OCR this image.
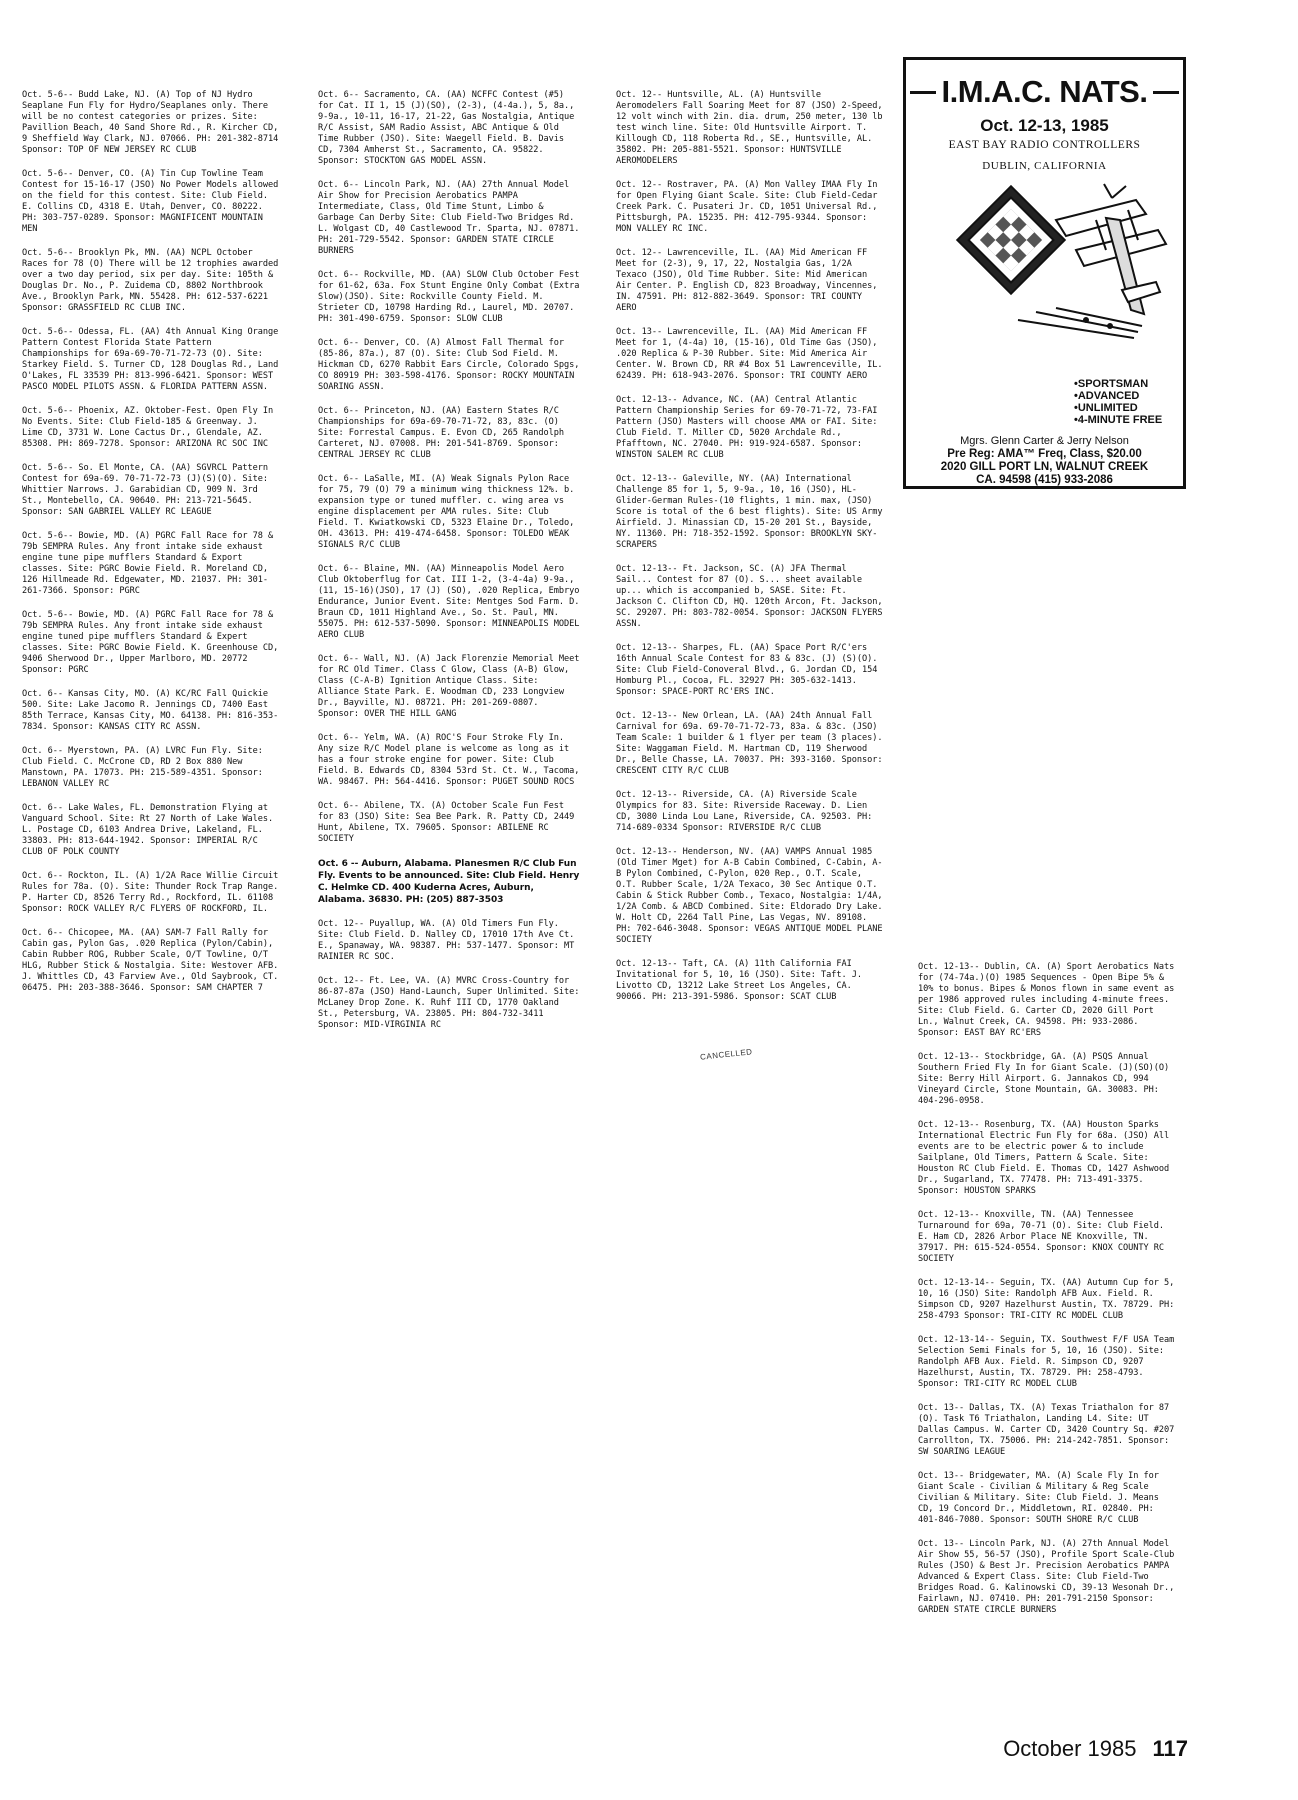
Oct. 5-6-- Budd Lake, NJ. (A) Top of NJ Hydro Seaplane Fun Fly for Hydro/Seaplanes only. There will be no contest categories or prizes. Site: Pavillion Beach, 40 Sand Shore Rd., R. Kircher CD, 9 Sheffield Way Clark, NJ. 07066. PH: 201-382-8714 Sponsor: TOP OF NEW JERSEY RC CLUB
Oct. 5-6-- Denver, CO. (A) Tin Cup Towline Team Contest for 15-16-17 (JSO) No Power Models allowed on the field for this contest. Site: Club Field. E. Collins CD, 4318 E. Utah, Denver, CO. 80222. PH: 303-757-0289. Sponsor: MAGNIFICENT MOUNTAIN MEN
Oct. 5-6-- Brooklyn Pk, MN. (AA) NCPL October Races for 78 (O) There will be 12 trophies awarded over a two day period, six per day. Site: 105th & Douglas Dr. No., P. Zuidema CD, 8802 Northbrook Ave., Brooklyn Park, MN. 55428. PH: 612-537-6221 Sponsor: GRASSFIELD RC CLUB INC.
Oct. 5-6-- Odessa, FL. (AA) 4th Annual King Orange Pattern Contest Florida State Pattern Championships for 69a-69-70-71-72-73 (O). Site: Starkey Field. S. Turner CD, 128 Douglas Rd., Land O'Lakes, FL 33539 PH: 813-996-6421. Sponsor: WEST PASCO MODEL PILOTS ASSN. & FLORIDA PATTERN ASSN.
Oct. 5-6-- Phoenix, AZ. Oktober-Fest. Open Fly In No Events. Site: Club Field-185 & Greenway. J. Lime CD, 3731 W. Lone Cactus Dr., Glendale, AZ. 85308. PH: 869-7278. Sponsor: ARIZONA RC SOC INC
Oct. 5-6-- So. El Monte, CA. (AA) SGVRCL Pattern Contest for 69a-69. 70-71-72-73 (J)(S)(O). Site: Whittier Narrows. J. Garabidian CD, 909 N. 3rd St., Montebello, CA. 90640. PH: 213-721-5645. Sponsor: SAN GABRIEL VALLEY RC LEAGUE
Oct. 5-6-- Bowie, MD. (A) PGRC Fall Race for 78 & 79b SEMPRA Rules. Any front intake side exhaust engine tune pipe mufflers Standard & Export classes. Site: PGRC Bowie Field. R. Moreland CD, 126 Hillmeade Rd. Edgewater, MD. 21037. PH: 301-261-7366. Sponsor: PGRC
Oct. 5-6-- Bowie, MD. (A) PGRC Fall Race for 78 & 79b SEMPRA Rules. Any front intake side exhaust engine tuned pipe mufflers Standard & Expert classes. Site: PGRC Bowie Field. K. Greenhouse CD, 9406 Sherwood Dr., Upper Marlboro, MD. 20772 Sponsor: PGRC
Oct. 6-- Kansas City, MO. (A) KC/RC Fall Quickie 500. Site: Lake Jacomo R. Jennings CD, 7400 East 85th Terrace, Kansas City, MO. 64138. PH: 816-353-7834. Sponsor: KANSAS CITY RC ASSN.
Oct. 6-- Myerstown, PA. (A) LVRC Fun Fly. Site: Club Field. C. McCrone CD, RD 2 Box 880 New Manstown, PA. 17073. PH: 215-589-4351. Sponsor: LEBANON VALLEY RC
Oct. 6-- Lake Wales, FL. Demonstration Flying at Vanguard School. Site: Rt 27 North of Lake Wales. L. Postage CD, 6103 Andrea Drive, Lakeland, FL. 33803. PH: 813-644-1942. Sponsor: IMPERIAL R/C CLUB OF POLK COUNTY
Oct. 6-- Rockton, IL. (A) 1/2A Race Willie Circuit Rules for 78a. (O). Site: Thunder Rock Trap Range. P. Harter CD, 8526 Terry Rd., Rockford, IL. 61108 Sponsor: ROCK VALLEY R/C FLYERS OF ROCKFORD, IL.
Oct. 6-- Chicopee, MA. (AA) SAM-7 Fall Rally for Cabin gas, Pylon Gas, .020 Replica (Pylon/Cabin), Cabin Rubber ROG, Rubber Scale, O/T Towline, O/T HLG, Rubber Stick & Nostalgia. Site: Westover AFB. J. Whittles CD, 43 Farview Ave., Old Saybrook, CT. 06475. PH: 203-388-3646. Sponsor: SAM CHAPTER 7
Oct. 6-- Sacramento, CA. (AA) NCFFC Contest (#5) for Cat. II 1, 15 (J)(SO), (2-3), (4-4a.), 5, 8a., 9-9a., 10-11, 16-17, 21-22, Gas Nostalgia, Antique R/C Assist, SAM Radio Assist, ABC Antique & Old Time Rubber (JSO). Site: Waegell Field. B. Davis CD, 7304 Amherst St., Sacramento, CA. 95822. Sponsor: STOCKTON GAS MODEL ASSN.
Oct. 6-- Lincoln Park, NJ. (AA) 27th Annual Model Air Show for Precision Aerobatics PAMPA Intermediate, Class, Old Time Stunt, Limbo & Garbage Can Derby Site: Club Field-Two Bridges Rd. L. Wolgast CD, 40 Castlewood Tr. Sparta, NJ. 07871. PH: 201-729-5542. Sponsor: GARDEN STATE CIRCLE BURNERS
Oct. 6-- Rockville, MD. (AA) SLOW Club October Fest for 61-62, 63a. Fox Stunt Engine Only Combat (Extra Slow)(JSO). Site: Rockville County Field. M. Strieter CD, 10798 Harding Rd., Laurel, MD. 20707. PH: 301-490-6759. Sponsor: SLOW CLUB
Oct. 6-- Denver, CO. (A) Almost Fall Thermal for (85-86, 87a.), 87 (O). Site: Club Sod Field. M. Hickman CD, 6270 Rabbit Ears Circle, Colorado Spgs, CO 80919 PH: 303-598-4176. Sponsor: ROCKY MOUNTAIN SOARING ASSN.
Oct. 6-- Princeton, NJ. (AA) Eastern States R/C Championships for 69a-69-70-71-72, 83, 83c. (O) Site: Forrestal Campus. E. Evon CD, 265 Randolph Carteret, NJ. 07008. PH: 201-541-8769. Sponsor: CENTRAL JERSEY RC CLUB
Oct. 6-- LaSalle, MI. (A) Weak Signals Pylon Race for 75, 79 (O) 79 a minimum wing thickness 12%. b. expansion type or tuned muffler. c. wing area vs engine displacement per AMA rules. Site: Club Field. T. Kwiatkowski CD, 5323 Elaine Dr., Toledo, OH. 43613. PH: 419-474-6458. Sponsor: TOLEDO WEAK SIGNALS R/C CLUB
Oct. 6-- Blaine, MN. (AA) Minneapolis Model Aero Club Oktoberflug for Cat. III 1-2, (3-4-4a) 9-9a., (11, 15-16)(JSO), 17 (J) (SO), .020 Replica, Embryo Endurance, Junior Event. Site: Mentges Sod Farm. D. Braun CD, 1011 Highland Ave., So. St. Paul, MN. 55075. PH: 612-537-5090. Sponsor: MINNEAPOLIS MODEL AERO CLUB
Oct. 6-- Wall, NJ. (A) Jack Florenzie Memorial Meet for RC Old Timer. Class C Glow, Class (A-B) Glow, Class (C-A-B) Ignition Antique Class. Site: Alliance State Park. E. Woodman CD, 233 Longview Dr., Bayville, NJ. 08721. PH: 201-269-0807. Sponsor: OVER THE HILL GANG
Oct. 6-- Yelm, WA. (A) ROC'S Four Stroke Fly In. Any size R/C Model plane is welcome as long as it has a four stroke engine for power. Site: Club Field. B. Edwards CD, 8304 53rd St. Ct. W., Tacoma, WA. 98467. PH: 564-4416. Sponsor: PUGET SOUND ROCS
Oct. 6-- Abilene, TX. (A) October Scale Fun Fest for 83 (JSO) Site: Sea Bee Park. R. Patty CD, 2449 Hunt, Abilene, TX. 79605. Sponsor: ABILENE RC SOCIETY
Oct. 6 -- Auburn, Alabama. Planesmen R/C Club Fun Fly. Events to be announced. Site: Club Field. Henry C. Helmke CD. 400 Kuderna Acres, Auburn, Alabama. 36830. PH: (205) 887-3503
Oct. 12-- Puyallup, WA. (A) Old Timers Fun Fly. Site: Club Field. D. Nalley CD, 17010 17th Ave Ct. E., Spanaway, WA. 98387. PH: 537-1477. Sponsor: MT RAINIER RC SOC.
Oct. 12-- Ft. Lee, VA. (A) MVRC Cross-Country for 86-87-87a (JSO) Hand-Launch, Super Unlimited. Site: McLaney Drop Zone. K. Ruhf III CD, 1770 Oakland St., Petersburg, VA. 23805. PH: 804-732-3411 Sponsor: MID-VIRGINIA RC
Oct. 12-- Huntsville, AL. (A) Huntsville Aeromodelers Fall Soaring Meet for 87 (JSO) 2-Speed, 12 volt winch with 2in. dia. drum, 250 meter, 130 lb test winch line. Site: Old Huntsville Airport. T. Killough CD, 118 Roberta Rd., SE., Huntsville, AL. 35802. PH: 205-881-5521. Sponsor: HUNTSVILLE AEROMODELERS
Oct. 12-- Rostraver, PA. (A) Mon Valley IMAA Fly In for Open Flying Giant Scale. Site: Club Field-Cedar Creek Park. C. Pusateri Jr. CD, 1051 Universal Rd., Pittsburgh, PA. 15235. PH: 412-795-9344. Sponsor: MON VALLEY RC INC.
Oct. 12-- Lawrenceville, IL. (AA) Mid American FF Meet for (2-3), 9, 17, 22, Nostalgia Gas, 1/2A Texaco (JSO), Old Time Rubber. Site: Mid American Air Center. P. English CD, 823 Broadway, Vincennes, IN. 47591. PH: 812-882-3649. Sponsor: TRI COUNTY AERO
Oct. 13-- Lawrenceville, IL. (AA) Mid American FF Meet for 1, (4-4a) 10, (15-16), Old Time Gas (JSO), .020 Replica & P-30 Rubber. Site: Mid America Air Center. W. Brown CD, RR #4 Box 51 Lawrenceville, IL. 62439. PH: 618-943-2076. Sponsor: TRI COUNTY AERO
Oct. 12-13-- Advance, NC. (AA) Central Atlantic Pattern Championship Series for 69-70-71-72, 73-FAI Pattern (JSO) Masters will choose AMA or FAI. Site: Club Field. T. Miller CD, 5020 Archdale Rd., Pfafftown, NC. 27040. PH: 919-924-6587. Sponsor: WINSTON SALEM RC CLUB
Oct. 12-13-- Galeville, NY. (AA) International Challenge 85 for 1, 5, 9-9a., 10, 16 (JSO), HL-Glider-German Rules-(10 flights, 1 min. max, (JSO) Score is total of the 6 best flights). Site: US Army Airfield. J. Minassian CD, 15-20 201 St., Bayside, NY. 11360. PH: 718-352-1592. Sponsor: BROOKLYN SKY-SCRAPERS
Oct. 12-13-- Ft. Jackson, SC. (A) JFA Thermal Sail... Contest for 87 (O). S... sheet available up... which is accompanied b, SASE. Site: Ft. Jackson C. Clifton CD, HQ. 120th Arcon, Ft. Jackson, SC. 29207. PH: 803-782-0054. Sponsor: JACKSON FLYERS ASSN.
Oct. 12-13-- Sharpes, FL. (AA) Space Port R/C'ers 16th Annual Scale Contest for 83 & 83c. (J) (S)(O). Site: Club Field-Conoveral Blvd., G. Jordan CD, 154 Homburg Pl., Cocoa, FL. 32927 PH: 305-632-1413. Sponsor: SPACE-PORT RC'ERS INC.
Oct. 12-13-- New Orlean, LA. (AA) 24th Annual Fall Carnival for 69a. 69-70-71-72-73, 83a. & 83c. (JSO) Team Scale: 1 builder & 1 flyer per team (3 places). Site: Waggaman Field. M. Hartman CD, 119 Sherwood Dr., Belle Chasse, LA. 70037. PH: 393-3160. Sponsor: CRESCENT CITY R/C CLUB
Oct. 12-13-- Riverside, CA. (A) Riverside Scale Olympics for 83. Site: Riverside Raceway. D. Lien CD, 3080 Linda Lou Lane, Riverside, CA. 92503. PH: 714-689-0334 Sponsor: RIVERSIDE R/C CLUB
Oct. 12-13-- Henderson, NV. (AA) VAMPS Annual 1985 (Old Timer Mget) for A-B Cabin Combined, C-Cabin, A-B Pylon Combined, C-Pylon, 020 Rep., O.T. Scale, O.T. Rubber Scale, 1/2A Texaco, 30 Sec Antique O.T. Cabin & Stick Rubber Comb., Texaco, Nostalgia: 1/4A, 1/2A Comb. & ABCD Combined. Site: Eldorado Dry Lake. W. Holt CD, 2264 Tall Pine, Las Vegas, NV. 89108. PH: 702-646-3048. Sponsor: VEGAS ANTIQUE MODEL PLANE SOCIETY
Oct. 12-13-- Taft, CA. (A) 11th California FAI Invitational for 5, 10, 16 (JSO). Site: Taft. J. Livotto CD, 13212 Lake Street Los Angeles, CA. 90066. PH: 213-391-5986. Sponsor: SCAT CLUB
I.M.A.C. NATS.
Oct. 12-13, 1985
EAST BAY RADIO CONTROLLERS
DUBLIN, CALIFORNIA
•SPORTSMAN
•ADVANCED
•UNLIMITED
•4-MINUTE FREE
Mgrs. Glenn Carter & Jerry Nelson
Pre Reg: AMA™ Freq, Class, $20.00
2020 GILL PORT LN, WALNUT CREEK
CA. 94598 (415) 933-2086
Oct. 12-13-- Dublin, CA. (A) Sport Aerobatics Nats for (74-74a.)(O) 1985 Sequences - Open Bipe 5% & 10% to bonus. Bipes & Monos flown in same event as per 1986 approved rules including 4-minute frees. Site: Club Field. G. Carter CD, 2020 Gill Port Ln., Walnut Creek, CA. 94598. PH: 933-2086. Sponsor: EAST BAY RC'ERS
Oct. 12-13-- Stockbridge, GA. (A) PSQS Annual Southern Fried Fly In for Giant Scale. (J)(SO)(O) Site: Berry Hill Airport. G. Jannakos CD, 994 Vineyard Circle, Stone Mountain, GA. 30083. PH: 404-296-0958.
Oct. 12-13-- Rosenburg, TX. (AA) Houston Sparks International Electric Fun Fly for 68a. (JSO) All events are to be electric power & to include Sailplane, Old Timers, Pattern & Scale. Site: Houston RC Club Field. E. Thomas CD, 1427 Ashwood Dr., Sugarland, TX. 77478. PH: 713-491-3375. Sponsor: HOUSTON SPARKS
Oct. 12-13-- Knoxville, TN. (AA) Tennessee Turnaround for 69a, 70-71 (O). Site: Club Field. E. Ham CD, 2826 Arbor Place NE Knoxville, TN. 37917. PH: 615-524-0554. Sponsor: KNOX COUNTY RC SOCIETY
Oct. 12-13-14-- Seguin, TX. (AA) Autumn Cup for 5, 10, 16 (JSO) Site: Randolph AFB Aux. Field. R. Simpson CD, 9207 Hazelhurst Austin, TX. 78729. PH: 258-4793 Sponsor: TRI-CITY RC MODEL CLUB
Oct. 12-13-14-- Seguin, TX. Southwest F/F USA Team Selection Semi Finals for 5, 10, 16 (JSO). Site: Randolph AFB Aux. Field. R. Simpson CD, 9207 Hazelhurst, Austin, TX. 78729. PH: 258-4793. Sponsor: TRI-CITY RC MODEL CLUB
Oct. 13-- Dallas, TX. (A) Texas Triathalon for 87 (O). Task T6 Triathalon, Landing L4. Site: UT Dallas Campus. W. Carter CD, 3420 Country Sq. #207 Carrollton, TX. 75006. PH: 214-242-7851. Sponsor: SW SOARING LEAGUE
Oct. 13-- Bridgewater, MA. (A) Scale Fly In for Giant Scale - Civilian & Military & Reg Scale Civilian & Military. Site: Club Field. J. Means CD, 19 Concord Dr., Middletown, RI. 02840. PH: 401-846-7080. Sponsor: SOUTH SHORE R/C CLUB
Oct. 13-- Lincoln Park, NJ. (A) 27th Annual Model Air Show 55, 56-57 (JSO), Profile Sport Scale-Club Rules (JSO) & Best Jr. Precision Aerobatics PAMPA Advanced & Expert Class. Site: Club Field-Two Bridges Road. G. Kalinowski CD, 39-13 Wesonah Dr., Fairlawn, NJ. 07410. PH: 201-791-2150 Sponsor: GARDEN STATE CIRCLE BURNERS
CANCELLED
October 1985 117
